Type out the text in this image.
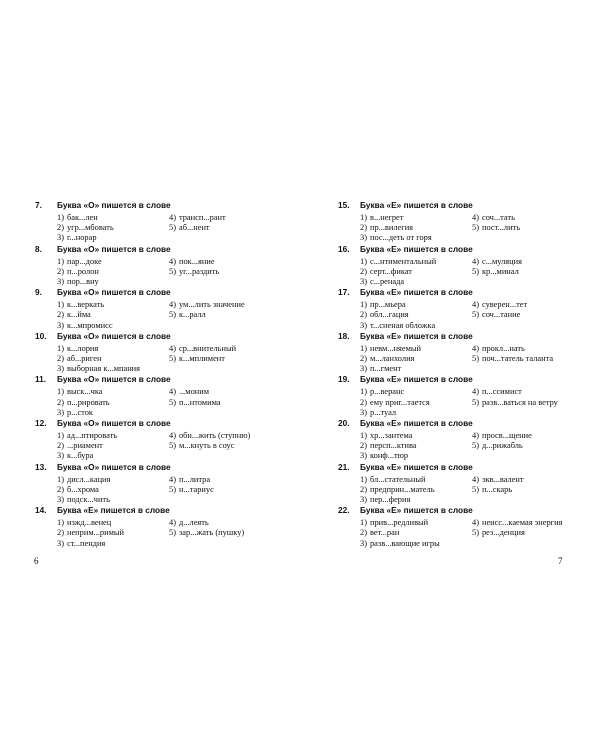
7.	Буква «О» пишется в слове
1) бак...лен	4) трансп...рант
2) угр...мбовать	5) аб...нент
3) г...норар
8.	Буква «О» пишется в слове
1) пар...доке	4) пок...яние
2) п...ролон	5) уг...раздить
3) пор...вну
9.	Буква «О» пишется в слове
1) к...веркать	4) ум...лить значение
2) к...йма	5) к...ралл
3) к...мпромисс
10.	Буква «О» пишется в слове
1) к...лория	4) ср...внительный
2) аб...риген	5) к...мплимент
3) выборная к...мпания
11.	Буква «О» пишется в слове
1) выск...чка	4) ...моним
2) п...рировать	5) п...нтомима
3) р...сток
12.	Буква «О» пишется в слове
1) ад...птировать	4) обн...жить (ступню)
2) ...риамент	5) м...кнуть в соус
3) к...бура
13.	Буква «О» пишется в слове
1) дисл...кация	4) п...литра
2) б...хрома	5) н...тариус
3) подск...чить
14.	Буква «Е» пишется в слове
1) изжд...венец	4) д...леять
2) неприм...римый	5) зар...жать (пушку)
3) ст...пендия
15.	Буква «Е» пишется в слове
1) в...негрет	4) соч...тать
2) пр...вилегия	5) пост...лить
3) пос...деть от горя
16.	Буква «Е» пишется в слове
1) с...нтиментальный	4) с...муляция
2) серт...фикат	5) кр...минал
3) с...ренада
17.	Буква «Е» пишется в слове
1) пр...мьера	4) суверен...тет
2) обл...гация	5) соч...тание
3) т...сненая обложка
18.	Буква «Е» пишется в слове
1) невм...няемый	4) прокл...нать
2) м...ланхолия	5) поч...татель таланта
3) п...гмент
19.	Буква «Е» пишется в слове
1) р...веранс	4) п...ссимист
2) ему приг...тается	5) разв...ваться на ветру
3) р...туал
20.	Буква «Е» пишется в слове
1) хр...зантема	4) просв...щение
2) персп...ктива	5) д...рижабль
3) конф...тюр
21.	Буква «Е» пишется в слове
1) бл...стательный	4) экв...валент
2) предприн...матель	5) п...скарь
3) пер...ферия
22.	Буква «Е» пишется в слове
1) прив...редливый	4) неисс...каемая энергия
2) вет...ран	5) рез...денция
3) разв...вающие игры
6	7
